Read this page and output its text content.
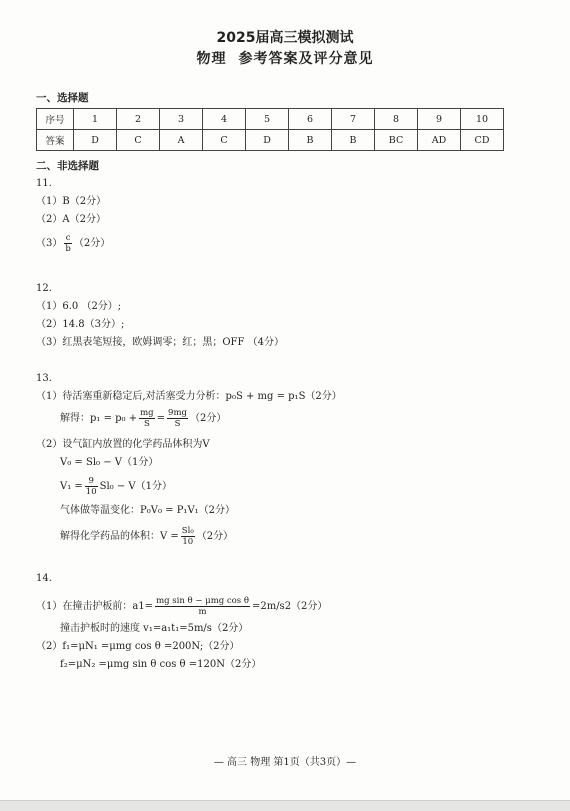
2025届高三模拟测试
物理 参考答案及评分意见
一、选择题
序号	1	2	3	4	5	6	7	8	9	10
答案	D	C	A	C	D	B	B	BC	AD	CD
二、非选择题
11.
（1）B（2分）
（2）A（2分）
$(3) \frac{c}{b} (2$分）
12.
（1）6.0 （2分）;
（2）14.8（3分）;
（3）红黑表笔短接，欧姆调零；红；黑；OFF （4分）
13.
（1）待活塞重新稳定后,对活塞受力分析：p₀S + mg = p₁S（2分）
解得：$p_1 = p_0 + \frac{mg}{S} = \frac{9mg}{S} (2$分）
（2）设气缸内放置的化学药品体积为V
V₀ = Sl₀ − V（1分）
$V_1 = \frac{9}{10} Sl_0 - V(1$分）
气体做等温变化：P₀V₀ = P₁V₁（2分）
解得化学药品的体积：$V = \frac{\text{Sl₀}}{10} (2$分）
14.
（1）在撞击护板前：$a1= \frac{\text{mg sin θ − μmg cos θ}}{m} =2m/s2(2$分）
撞击护板时的速度 v₁=a₁t₁=5m/s（2分）
（2）f₁=μN₁ =μmg cos θ =200N;（2分）
f₂=μN₂ =μmg sin θ cos θ =120N（2分）
— 高三 物理 第1页（共3页）—
